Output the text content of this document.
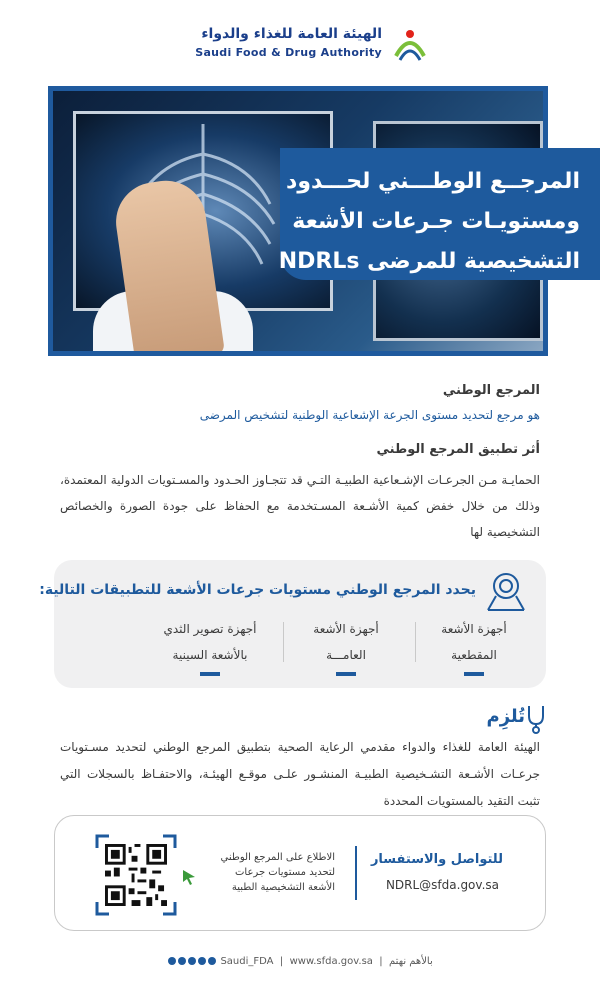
الهيئة العامة للغذاء والدواء
Saudi Food & Drug Authority
المرجــع الوطـــني لحـــدود
ومستويـات جـرعات الأشعة
التشخيصية للمرضى NDRLs
المرجع الوطني
هو مرجع لتحديد مستوى الجرعة الإشعاعية الوطنية لتشخيص المرضى
أثر تطبيق المرجع الوطني
الحمايـة مـن الجرعـات الإشـعاعية الطبيـة التـي قد تتجـاوز الحـدود والمسـتويات الدولية المعتمدة، وذلك من خلال خفض كمية الأشـعة المسـتخدمة مع الحفاظ على جودة الصورة والخصائص التشخيصية لها
يحدد المرجع الوطني مستويات جرعات الأشعة للتطبيقات التالية:
أجهزة الأشعة
المقطعية
أجهزة الأشعة
العامـــة
أجهزة تصوير الثدي
بالأشعة السينية
تُلزِم
الهيئة العامة للغذاء والدواء مقدمي الرعاية الصحية بتطبيق المرجع الوطني لتحديد مسـتويات جرعـات الأشـعة التشـخيصية الطبيـة المنشـور علـى موقـع الهيئـة، والاحتفـاظ بالسجلات التي تثبت التقيد بالمستويات المحددة
للتواصل والاستفسار
NDRL@sfda.gov.sa
الاطلاع على المرجع الوطني
لتحديد مستويات جرعات
الأشعة التشخيصية الطبية
Saudi_FDA  |  www.sfda.gov.sa  |  بالأهم نهتم
